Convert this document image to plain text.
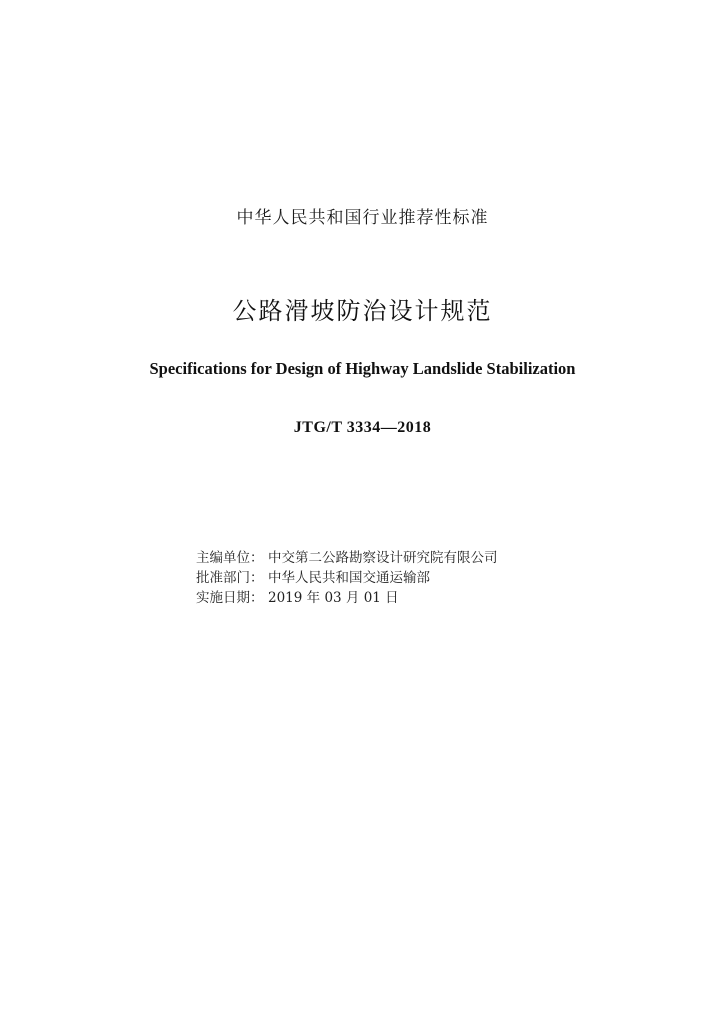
中华人民共和国行业推荐性标准
公路滑坡防治设计规范
Specifications for Design of Highway Landslide Stabilization
JTG/T 3334—2018
主编单位： 中交第二公路勘察设计研究院有限公司
批准部门： 中华人民共和国交通运输部
实施日期： 2019 年 03 月 01 日
